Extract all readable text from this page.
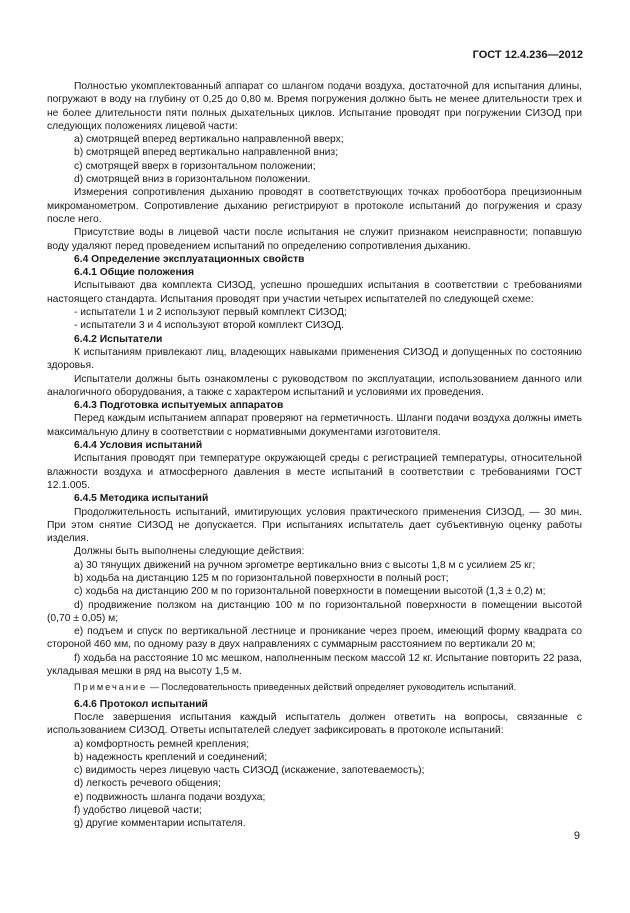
ГОСТ 12.4.236—2012

Полностью укомплектованный аппарат со шлангом подачи воздуха, достаточной для испытания длины, погружают в воду на глубину от 0,25 до 0,80 м. Время погружения должно быть не менее длительности трех и не более длительности пяти полных дыхательных циклов. Испытание проводят при погружении СИЗОД при следующих положениях лицевой части:

а) смотрящей вперед вертикально направленной вверх;

b) смотрящей вперед вертикально направленной вниз;

с) смотрящей вверх в горизонтальном положении;

d) смотрящей вниз в горизонтальном положении.

Измерения сопротивления дыханию проводят в соответствующих точках пробоотбора прецизионным микроманометром. Сопротивление дыханию регистрируют в протоколе испытаний до погружения и сразу после него.

Присутствие воды в лицевой части после испытания не служит признаком неисправности; попавшую воду удаляют перед проведением испытаний по определению сопротивления дыханию.

6.4 Определение эксплуатационных свойств

6.4.1 Общие положения

Испытывают два комплекта СИЗОД, успешно прошедших испытания в соответствии с требованиями настоящего стандарта. Испытания проводят при участии четырех испытателей по следующей схеме:

- испытатели 1 и 2 используют первый комплект СИЗОД;

- испытатели 3 и 4 используют второй комплект СИЗОД.

6.4.2 Испытатели

К испытаниям привлекают лиц, владеющих навыками применения СИЗОД и допущенных по состоянию здоровья.

Испытатели должны быть ознакомлены с руководством по эксплуатации, использованием данного или аналогичного оборудования, а также с характером испытаний и условиями их проведения.

6.4.3 Подготовка испытуемых аппаратов

Перед каждым испытанием аппарат проверяют на герметичность. Шланги подачи воздуха должны иметь максимальную длину в соответствии с нормативными документами изготовителя.

6.4.4 Условия испытаний

Испытания проводят при температуре окружающей среды с регистрацией температуры, относительной влажности воздуха и атмосферного давления в месте испытаний в соответствии с требованиями ГОСТ 12.1.005.

6.4.5 Методика испытаний

Продолжительность испытаний, имитирующих условия практического применения СИЗОД, — 30 мин. При этом снятие СИЗОД не допускается. При испытаниях испытатель дает субъективную оценку работы изделия.

Должны быть выполнены следующие действия:

а) 30 тянущих движений на ручном эргометре вертикально вниз с высоты 1,8 м с усилием 25 кг;

b) ходьба на дистанцию 125 м по горизонтальной поверхности в полный рост;

с) ходьба на дистанцию 200 м по горизонтальной поверхности в помещении высотой (1,3 ± 0,2) м;

d) продвижение ползком на дистанцию 100 м по горизонтальной поверхности в помещении высотой (0,70 ± 0,05) м;

е) подъем и спуск по вертикальной лестнице и проникание через проем, имеющий форму квадрата со стороной 460 мм, по одному разу в двух направлениях с суммарным расстоянием по вертикали 20 м;

f) ходьба на расстояние 10 мс мешком, наполненным песком массой 12 кг. Испытание повторить 22 раза, укладывая мешки в ряд на высоту 1,5 м.

Примечание — Последовательность приведенных действий определяет руководитель испытаний.

6.4.6 Протокол испытаний

После завершения испытания каждый испытатель должен ответить на вопросы, связанные с использованием СИЗОД. Ответы испытателей следует зафиксировать в протоколе испытаний:

а) комфортность ремней крепления;

b) надежность креплений и соединений;

с) видимость через лицевую часть СИЗОД (искажение, запотеваемость);

d) легкость речевого общения;

е) подвижность шланга подачи воздуха;

f) удобство лицевой части;

g) другие комментарии испытателя.

9
